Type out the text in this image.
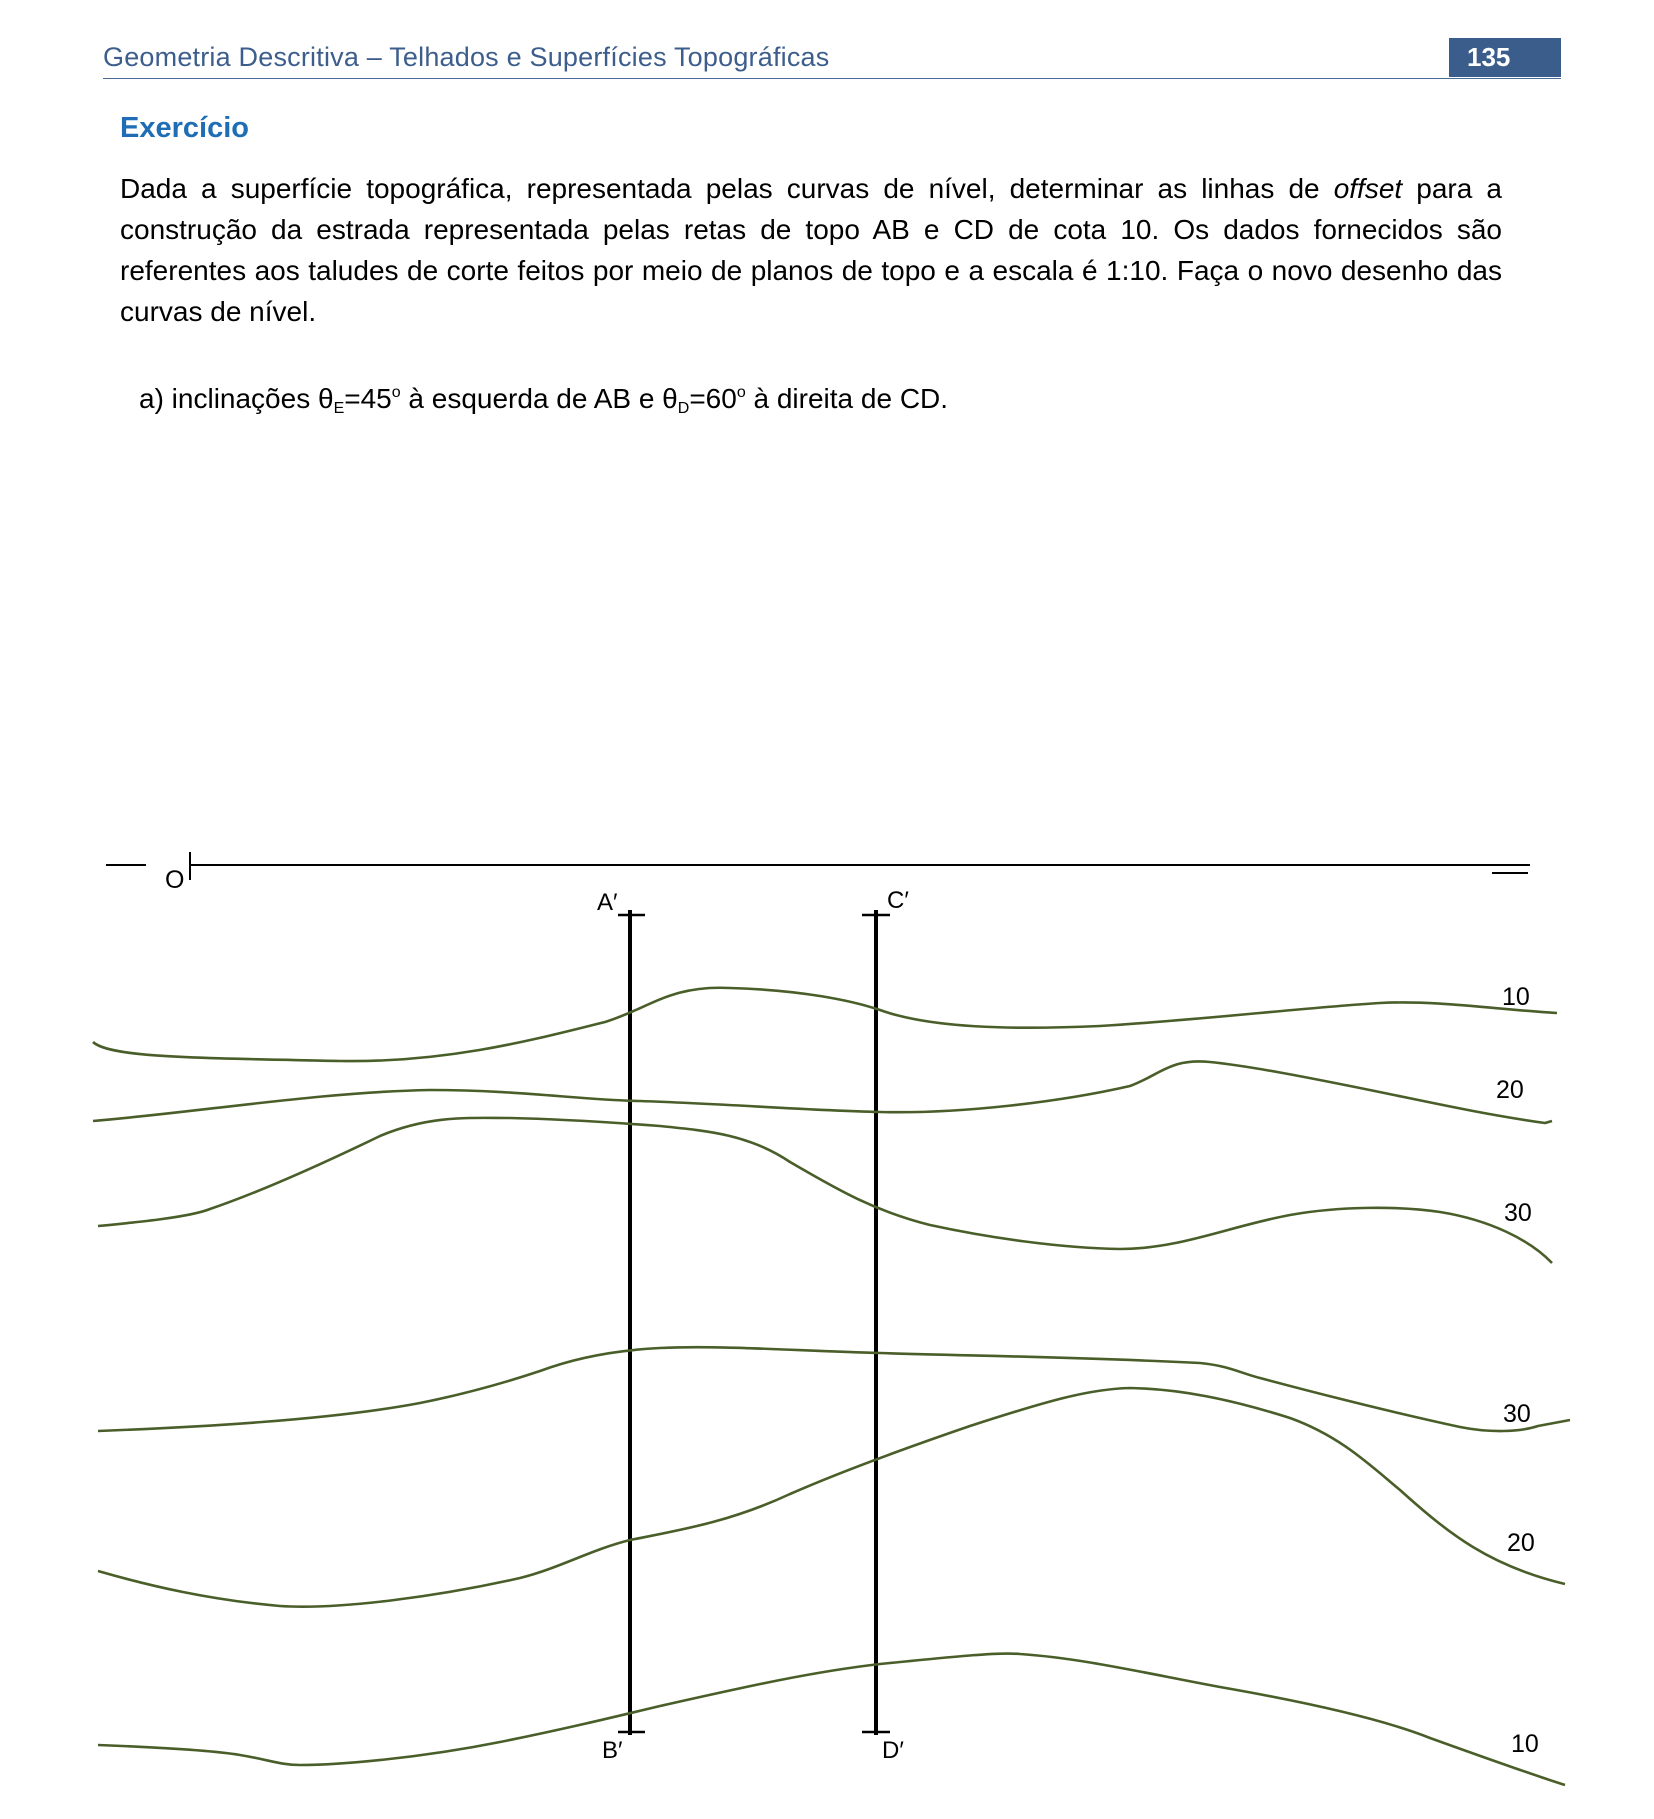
Geometria Descritiva – Telhados e Superfícies Topográficas	135
Exercício
Dada a superfície topográfica, representada pelas curvas de nível, determinar as linhas de offset para a construção da estrada representada pelas retas de topo AB e CD de cota 10. Os dados fornecidos são referentes aos taludes de corte feitos por meio de planos de topo e a escala é 1:10. Faça o novo desenho das curvas de nível.
a) inclinações $\theta_E=45^o$ à esquerda de AB e $\theta_D=60^o$ à direita de CD.
O
A′	C′
B′	D′
10
20
30
30
20
10
